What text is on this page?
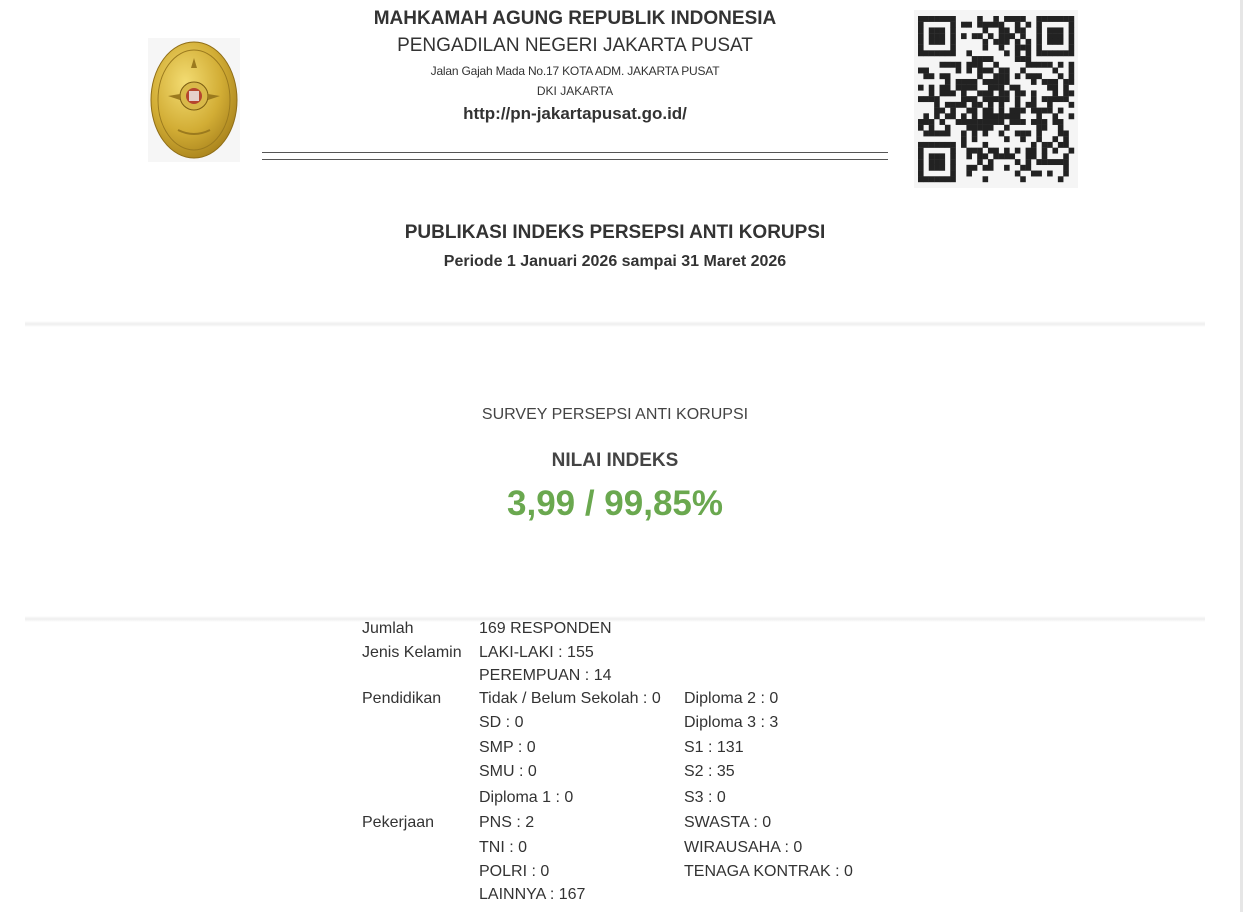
MAHKAMAH AGUNG REPUBLIK INDONESIA
PENGADILAN NEGERI JAKARTA PUSAT
Jalan Gajah Mada No.17 KOTA ADM. JAKARTA PUSAT
DKI JAKARTA
http://pn-jakartapusat.go.id/
PUBLIKASI INDEKS PERSEPSI ANTI KORUPSI
Periode 1 Januari 2026 sampai 31 Maret 2026
SURVEY PERSEPSI ANTI KORUPSI
NILAI INDEKS
3,99 / 99,85%
Jumlah	169 RESPONDEN
Jenis Kelamin LAKI-LAKI : 155
PEREMPUAN : 14
Pendidikan Tidak / Belum Sekolah : 0
SD : 0
SMP : 0
SMU : 0
Diploma 1 : 0
Diploma 2 : 0
Diploma 3 : 3
S1 : 131
S2 : 35
S3 : 0
Pekerjaan	PNS : 2
TNI : 0
POLRI : 0
LAINNYA : 167
SWASTA : 0
WIRAUSAHA : 0
TENAGA KONTRAK : 0
